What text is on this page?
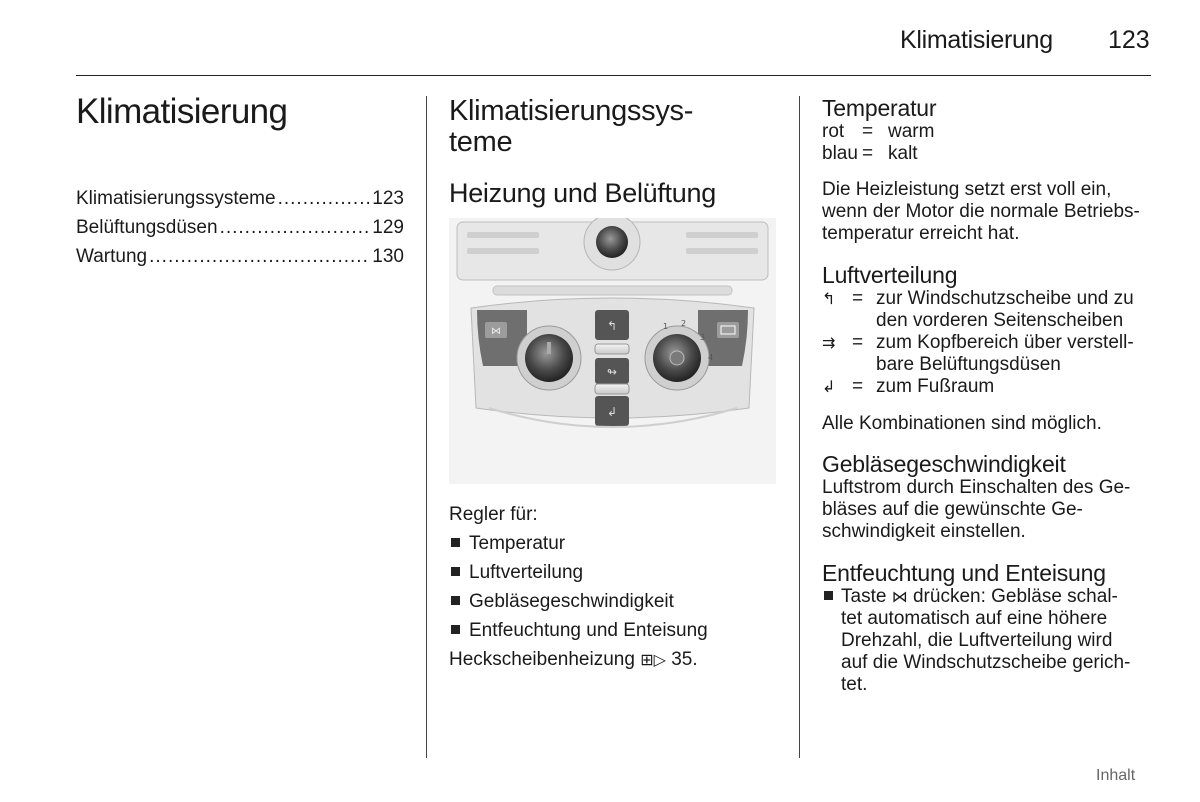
Klimatisierung 123
Klimatisierung
Klimatisierungssysteme .....	123
Belüftungsdüsen .....	129
Wartung .....	130
Klimatisierungssys-
teme
Heizung und Belüftung
⋈	1 2
3
4
↰
↬
↲
Regler für:
Temperatur
Luftverteilung
Gebläsegeschwindigkeit
Entfeuchtung und Enteisung
Heckscheibenheizung ⊞▷ 35.
Temperatur
rot = warm
blau = kalt
Die Heizleistung setzt erst voll ein,
wenn der Motor die normale Betriebs-
temperatur erreicht hat.
Luftverteilung
↰ = zur Windschutzscheibe und zu
den vorderen Seitenscheiben
⇉ = zum Kopfbereich über verstell-
bare Belüftungsdüsen
↲ = zum Fußraum
Alle Kombinationen sind möglich.
Gebläsegeschwindigkeit
Luftstrom durch Einschalten des Ge-
bläses auf die gewünschte Ge-
schwindigkeit einstellen.
Entfeuchtung und Enteisung
Taste ⋈ drücken: Gebläse schal-
tet automatisch auf eine höhere
Drehzahl, die Luftverteilung wird
auf die Windschutzscheibe gerich-
tet.
Inhalt
